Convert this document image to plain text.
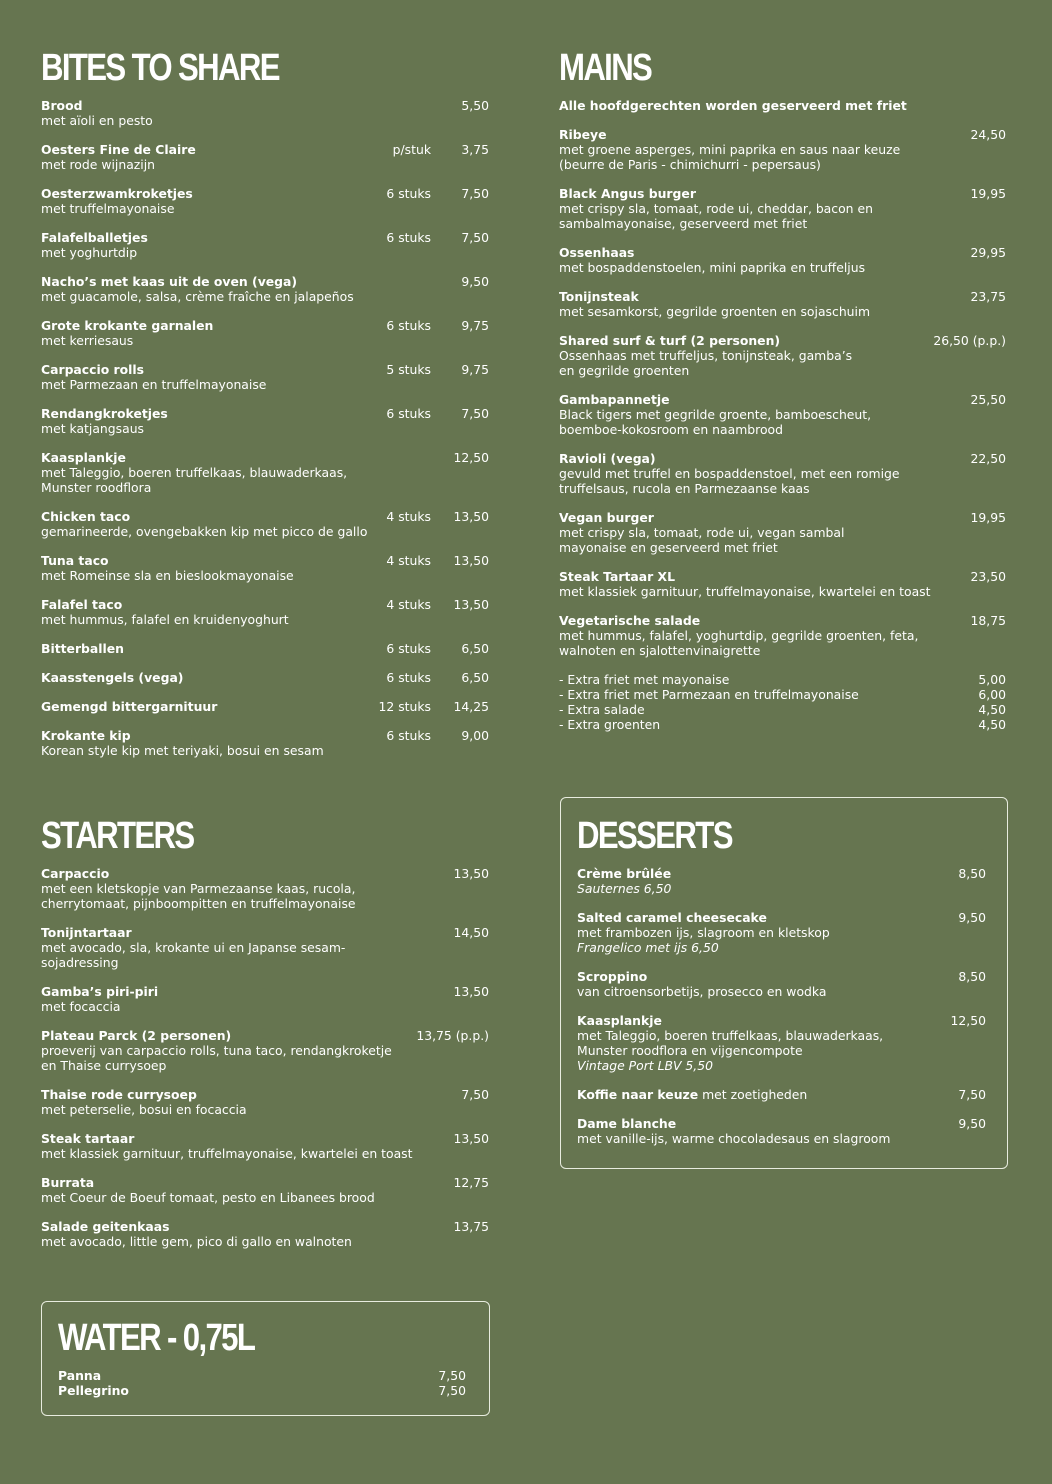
BITES TO SHARE
Brood
met aïoli en pesto
5,50
Oesters Fine de Claire
met rode wijnazijn
p/stuk 3,75
Oesterzwamkroketjes
met truffelmayonaise
6 stuks 7,50
Falafelballetjes
met yoghurtdip
6 stuks 7,50
Nacho’s met kaas uit de oven (vega)
met guacamole, salsa, crème fraîche en jalapeños
9,50
Grote krokante garnalen
met kerriesaus
6 stuks 9,75
Carpaccio rolls
met Parmezaan en truffelmayonaise
5 stuks 9,75
Rendangkroketjes
met katjangsaus
6 stuks 7,50
Kaasplankje
met Taleggio, boeren truffelkaas, blauwaderkaas,
Munster roodflora
12,50
Chicken taco
gemarineerde, ovengebakken kip met picco de gallo
4 stuks 13,50
Tuna taco
met Romeinse sla en bieslookmayonaise
4 stuks 13,50
Falafel taco
met hummus, falafel en kruidenyoghurt
4 stuks 13,50
Bitterballen	6 stuks 6,50
Kaasstengels (vega)	6 stuks 6,50
Gemengd bittergarnituur	12 stuks 14,25
Krokante kip
Korean style kip met teriyaki, bosui en sesam
6 stuks 9,00
MAINS
Alle hoofdgerechten worden geserveerd met friet
Ribeye
met groene asperges, mini paprika en saus naar keuze
(beurre de Paris - chimichurri - pepersaus)
24,50
Black Angus burger
met crispy sla, tomaat, rode ui, cheddar, bacon en
sambalmayonaise, geserveerd met friet
19,95
Ossenhaas
met bospaddenstoelen, mini paprika en truffeljus
29,95
Tonijnsteak
met sesamkorst, gegrilde groenten en sojaschuim
23,75
Shared surf & turf (2 personen)
Ossenhaas met truffeljus, tonijnsteak, gamba’s
en gegrilde groenten
26,50 (p.p.)
Gambapannetje
Black tigers met gegrilde groente, bamboescheut,
boemboe-kokosroom en naambrood
25,50
Ravioli (vega)
gevuld met truffel en bospaddenstoel, met een romige
truffelsaus, rucola en Parmezaanse kaas
22,50
Vegan burger
met crispy sla, tomaat, rode ui, vegan sambal
mayonaise en geserveerd met friet
19,95
Steak Tartaar XL
met klassiek garnituur, truffelmayonaise, kwartelei en toast
23,50
Vegetarische salade
met hummus, falafel, yoghurtdip, gegrilde groenten, feta,
walnoten en sjalottenvinaigrette
18,75
- Extra friet met mayonaise	5,00
- Extra friet met Parmezaan en truffelmayonaise	6,00
- Extra salade	4,50
- Extra groenten	4,50
STARTERS
Carpaccio
met een kletskopje van Parmezaanse kaas, rucola,
cherrytomaat, pijnboompitten en truffelmayonaise
13,50
Tonijntartaar
met avocado, sla, krokante ui en Japanse sesam-sojadressing
14,50
Gamba’s piri-piri
met focaccia
13,50
Plateau Parck (2 personen)
proeverij van carpaccio rolls, tuna taco, rendangkroketje
en Thaise currysoep
13,75 (p.p.)
Thaise rode currysoep
met peterselie, bosui en focaccia
7,50
Steak tartaar
met klassiek garnituur, truffelmayonaise, kwartelei en toast
13,50
Burrata
met Coeur de Boeuf tomaat, pesto en Libanees brood
12,75
Salade geitenkaas
met avocado, little gem, pico di gallo en walnoten
13,75
DESSERTS
Crème brûlée
Sauternes 6,50
8,50
Salted caramel cheesecake
met frambozen ijs, slagroom en kletskop
Frangelico met ijs 6,50
9,50
Scroppino
van citroensorbetijs, prosecco en wodka
8,50
Kaasplankje
met Taleggio, boeren truffelkaas, blauwaderkaas,
Munster roodflora en vijgencompote
Vintage Port LBV 5,50
12,50
Koffie naar keuze met zoetigheden	7,50
Dame blanche
met vanille-ijs, warme chocoladesaus en slagroom
9,50
WATER - 0,75L
Panna	7,50
Pellegrino	7,50
